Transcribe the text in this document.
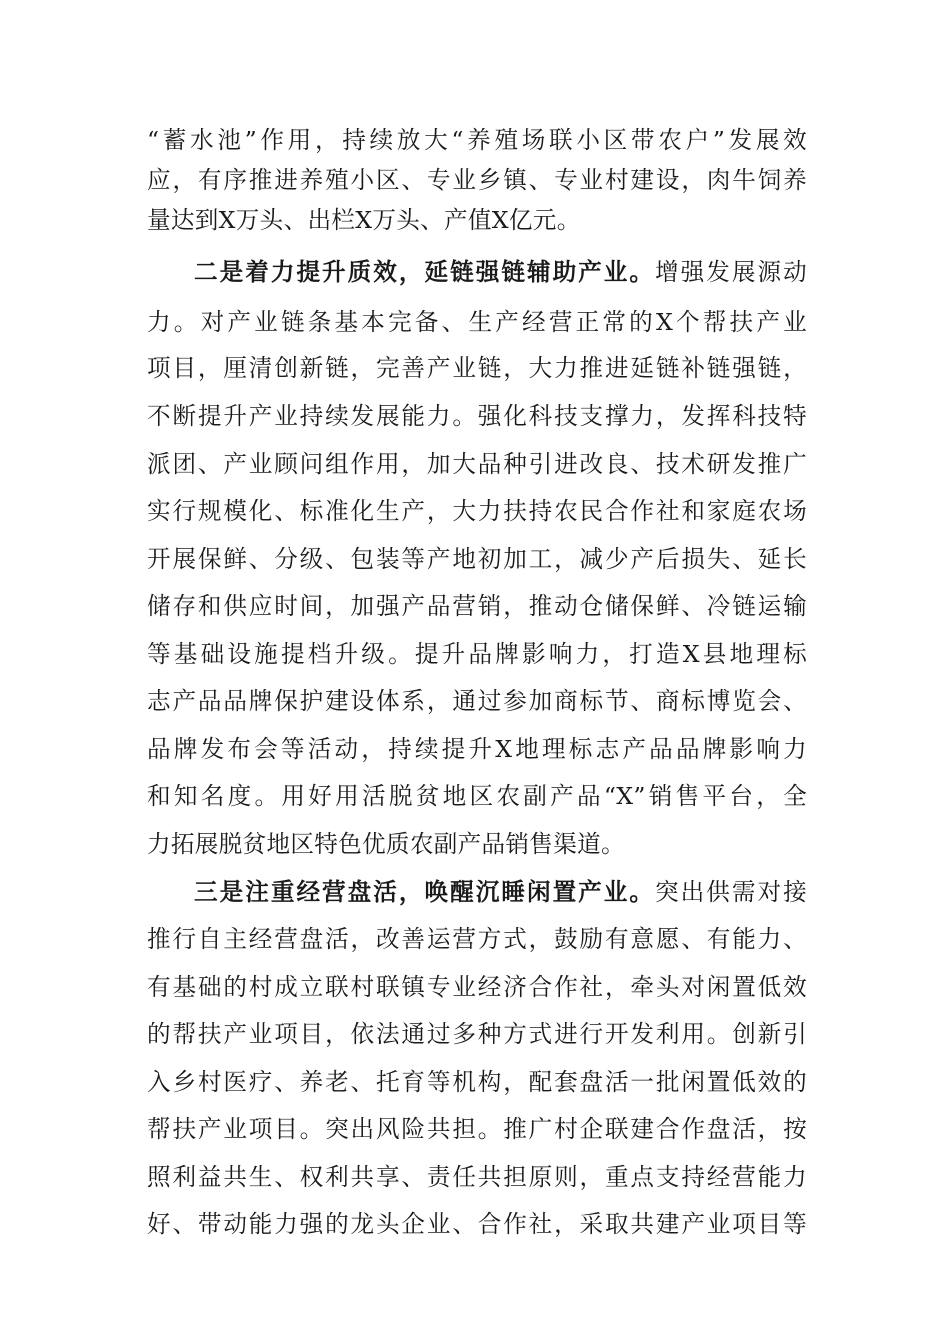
“蓄水池”作用，持续放大“养殖场联小区带农户”发展效
应，有序推进养殖小区、专业乡镇、专业村建设，肉牛饲养
量达到X万头、出栏X万头、产值X亿元。
二是着力提升质效，延链强链辅助产业。增强发展源动
力。对产业链条基本完备、生产经营正常的X个帮扶产业
项目，厘清创新链，完善产业链，大力推进延链补链强链，
不断提升产业持续发展能力。强化科技支撑力，发挥科技特
派团、产业顾问组作用，加大品种引进改良、技术研发推广
实行规模化、标准化生产，大力扶持农民合作社和家庭农场
开展保鲜、分级、包装等产地初加工，减少产后损失、延长
储存和供应时间，加强产品营销，推动仓储保鲜、冷链运输
等基础设施提档升级。提升品牌影响力，打造X县地理标
志产品品牌保护建设体系，通过参加商标节、商标博览会、
品牌发布会等活动，持续提升X地理标志产品品牌影响力
和知名度。用好用活脱贫地区农副产品“X”销售平台，全
力拓展脱贫地区特色优质农副产品销售渠道。
三是注重经营盘活，唤醒沉睡闲置产业。突出供需对接
推行自主经营盘活，改善运营方式，鼓励有意愿、有能力、
有基础的村成立联村联镇专业经济合作社，牵头对闲置低效
的帮扶产业项目，依法通过多种方式进行开发利用。创新引
入乡村医疗、养老、托育等机构，配套盘活一批闲置低效的
帮扶产业项目。突出风险共担。推广村企联建合作盘活，按
照利益共生、权利共享、责任共担原则，重点支持经营能力
好、带动能力强的龙头企业、合作社，采取共建产业项目等
